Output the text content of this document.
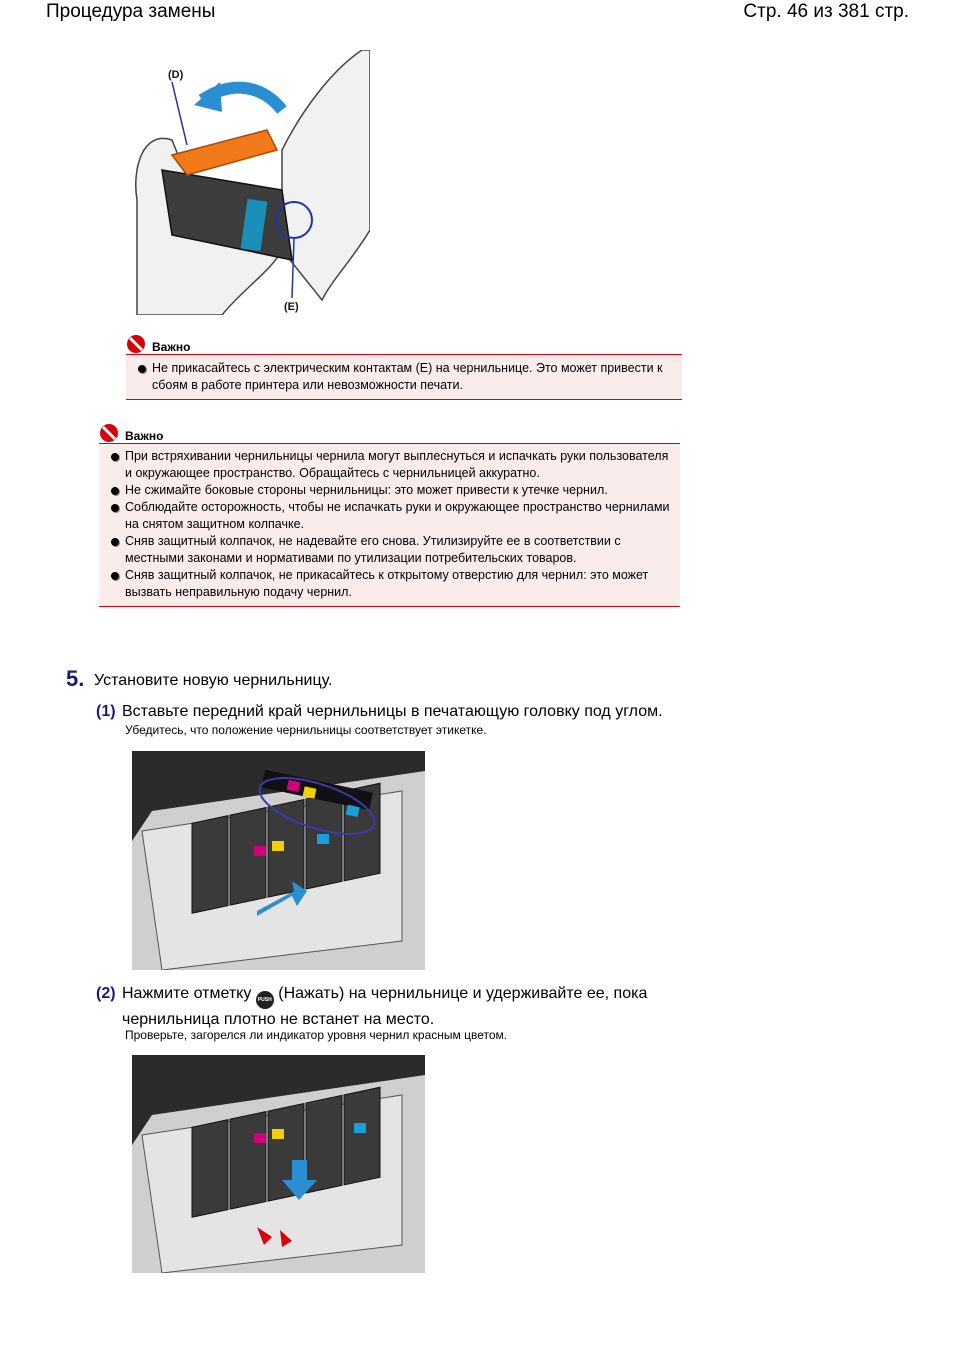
Процедура замены	Стр. 46 из 381 стр.
(D)
(E)
Важно
Не прикасайтесь с электрическим контактам (E) на чернильнице. Это может привести к сбоям в работе принтера или невозможности печати.
Важно
При встряхивании чернильницы чернила могут выплеснуться и испачкать руки пользователя и окружающее пространство. Обращайтесь с чернильницей аккуратно.
Не сжимайте боковые стороны чернильницы: это может привести к утечке чернил.
Соблюдайте осторожность, чтобы не испачкать руки и окружающее пространство чернилами на снятом защитном колпачке.
Сняв защитный колпачок, не надевайте его снова. Утилизируйте ее в соответствии с местными законами и нормативами по утилизации потребительских товаров.
Сняв защитный колпачок, не прикасайтесь к открытому отверстию для чернил: это может вызвать неправильную подачу чернил.
5. Установите новую чернильницу.
(1) Вставьте передний край чернильницы в печатающую головку под углом.
Убедитесь, что положение чернильницы соответствует этикетке.
(2) Нажмите отметку PUSH (Нажать) на чернильнице и удерживайте ее, пока
чернильница плотно не встанет на место.
Проверьте, загорелся ли индикатор уровня чернил красным цветом.
